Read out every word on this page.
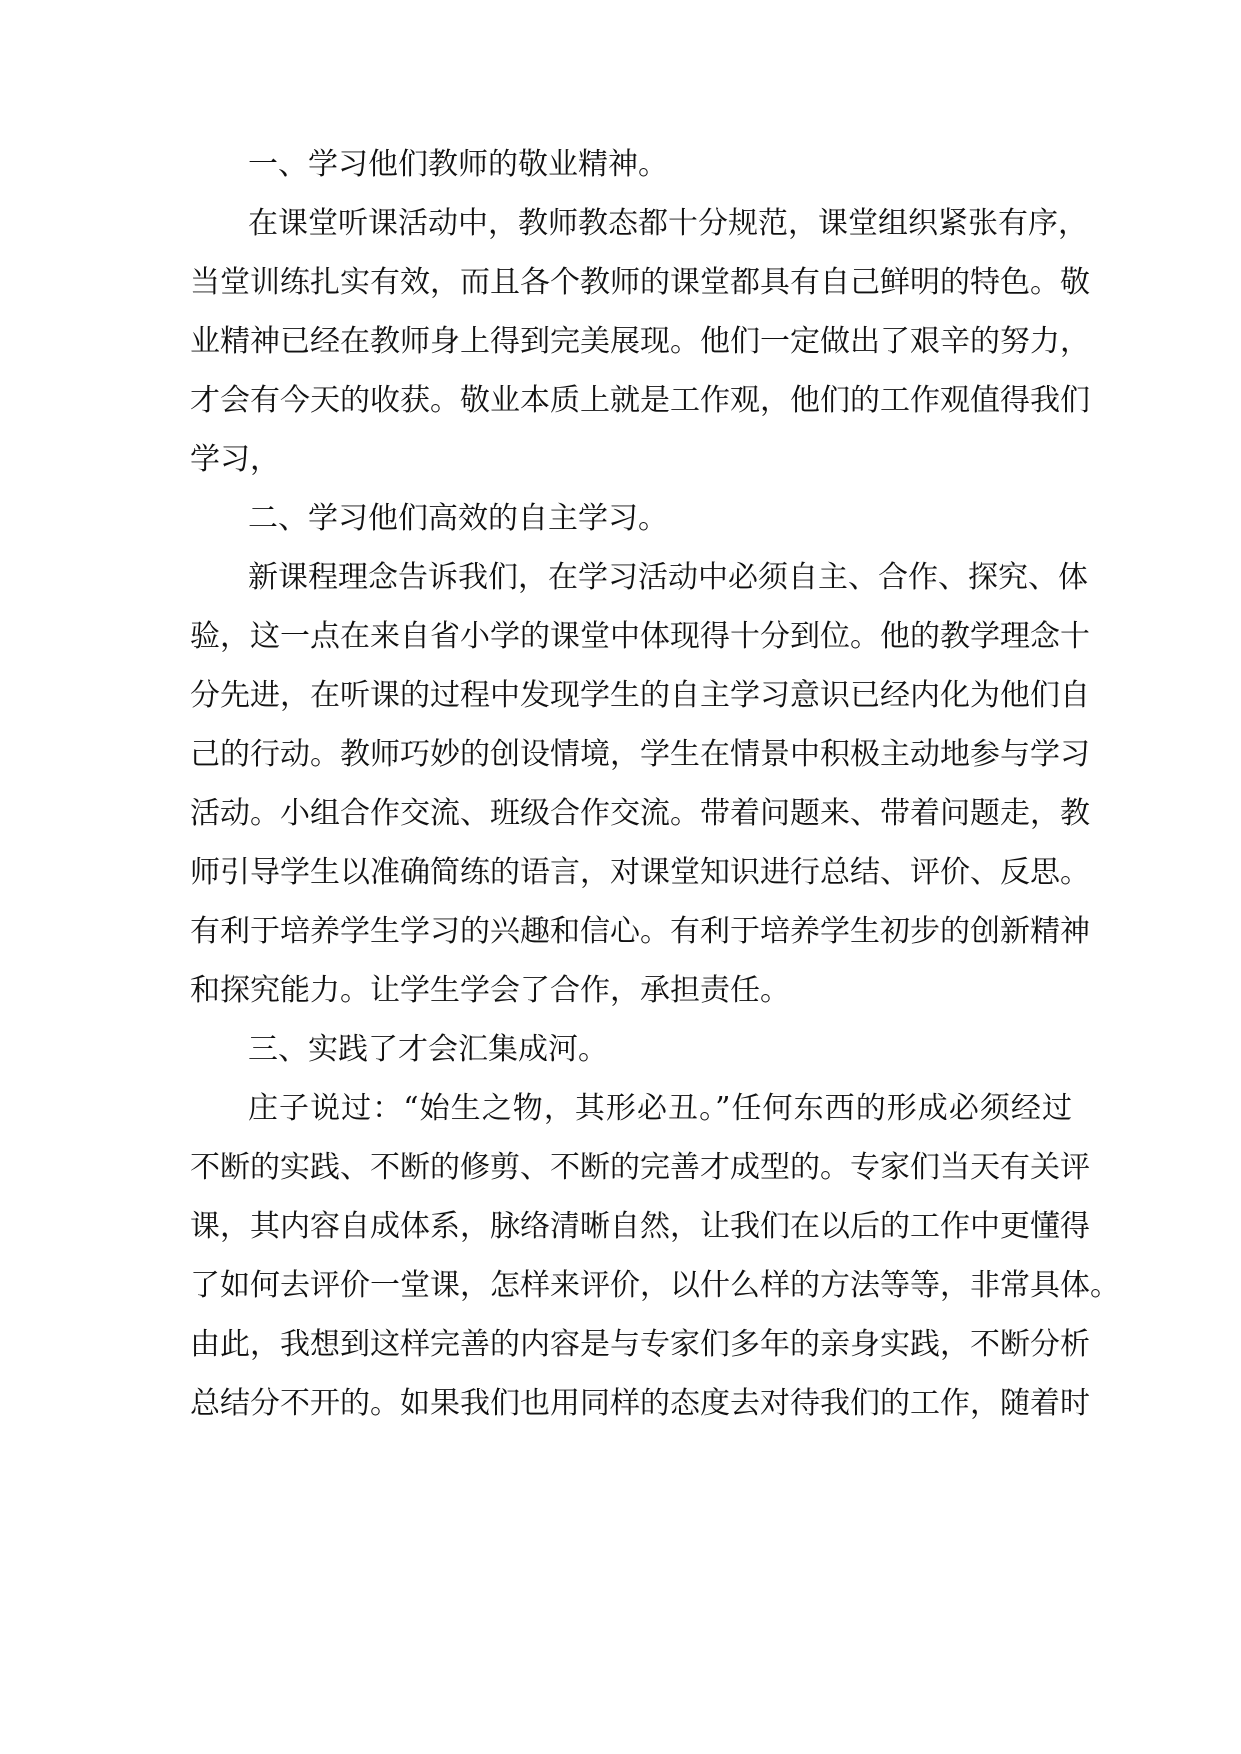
一、学习他们教师的敬业精神。
在课堂听课活动中，教师教态都十分规范，课堂组织紧张有序，
当堂训练扎实有效，而且各个教师的课堂都具有自己鲜明的特色。敬
业精神已经在教师身上得到完美展现。他们一定做出了艰辛的努力，
才会有今天的收获。敬业本质上就是工作观，他们的工作观值得我们
学习，
二、学习他们高效的自主学习。
新课程理念告诉我们，在学习活动中必须自主、合作、探究、体
验，这一点在来自省小学的课堂中体现得十分到位。他的教学理念十
分先进，在听课的过程中发现学生的自主学习意识已经内化为他们自
己的行动。教师巧妙的创设情境，学生在情景中积极主动地参与学习
活动。小组合作交流、班级合作交流。带着问题来、带着问题走，教
师引导学生以准确简练的语言，对课堂知识进行总结、评价、反思。
有利于培养学生学习的兴趣和信心。有利于培养学生初步的创新精神
和探究能力。让学生学会了合作，承担责任。
三、实践了才会汇集成河。
庄子说过：“始生之物，其形必丑。”任何东西的形成必须经过
不断的实践、不断的修剪、不断的完善才成型的。专家们当天有关评
课，其内容自成体系，脉络清晰自然，让我们在以后的工作中更懂得
了如何去评价一堂课，怎样来评价，以什么样的方法等等，非常具体。
由此，我想到这样完善的内容是与专家们多年的亲身实践，不断分析
总结分不开的。如果我们也用同样的态度去对待我们的工作，随着时
